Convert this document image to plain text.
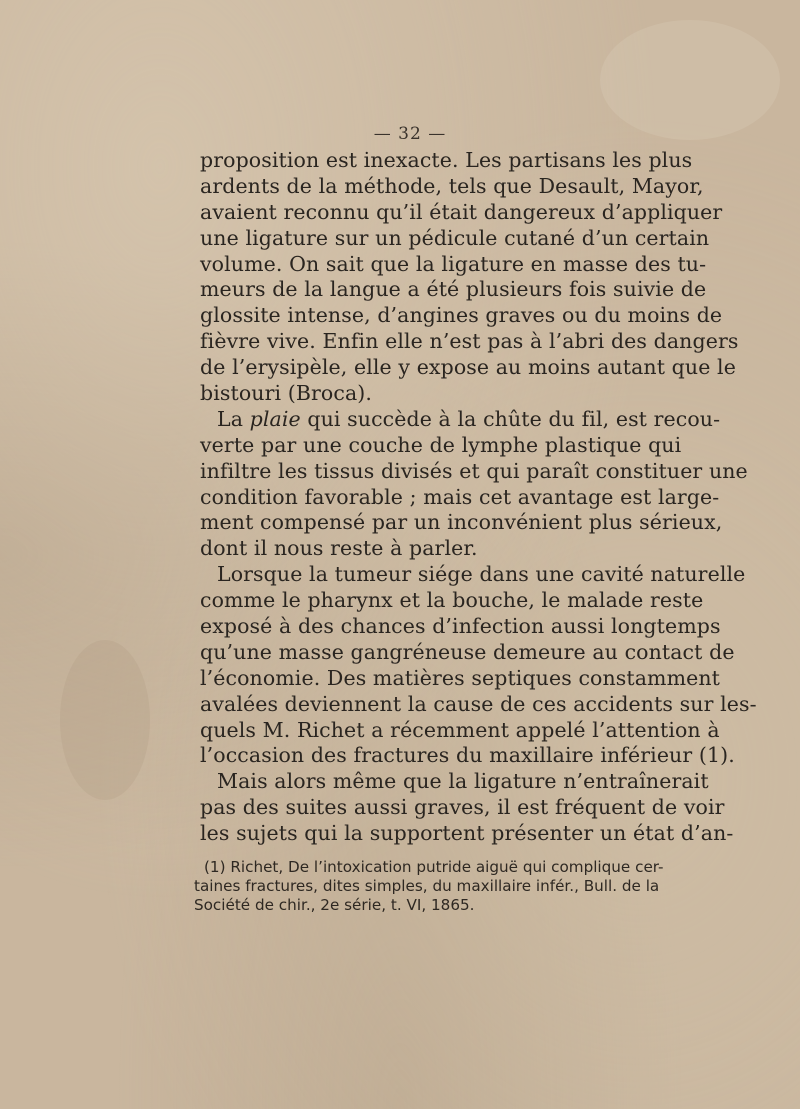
— 32 —
proposition est inexacte. Les partisans les plus
ardents de la méthode, tels que Desault, Mayor,
avaient reconnu qu’il était dangereux d’appliquer
une ligature sur un pédicule cutané d’un certain
volume. On sait que la ligature en masse des tu-
meurs de la langue a été plusieurs fois suivie de
glossite intense, d’angines graves ou du moins de
fièvre vive. Enfin elle n’est pas à l’abri des dangers
de l’erysipèle, elle y expose au moins autant que le
bistouri (Broca).
La plaie qui succède à la chûte du fil, est recou-
verte par une couche de lymphe plastique qui
infiltre les tissus divisés et qui paraît constituer une
condition favorable ; mais cet avantage est large-
ment compensé par un inconvénient plus sérieux,
dont il nous reste à parler.
Lorsque la tumeur siége dans une cavité naturelle
comme le pharynx et la bouche, le malade reste
exposé à des chances d’infection aussi longtemps
qu’une masse gangréneuse demeure au contact de
l’économie. Des matières septiques constamment
avalées deviennent la cause de ces accidents sur les-
quels M. Richet a récemment appelé l’attention à
l’occasion des fractures du maxillaire inférieur (1).
Mais alors même que la ligature n’entraînerait
pas des suites aussi graves, il est fréquent de voir
les sujets qui la supportent présenter un état d’an-
(1) Richet, De l’intoxication putride aiguë qui complique cer-
taines fractures, dites simples, du maxillaire infér., Bull. de la
Société de chir., 2e série, t. VI, 1865.
